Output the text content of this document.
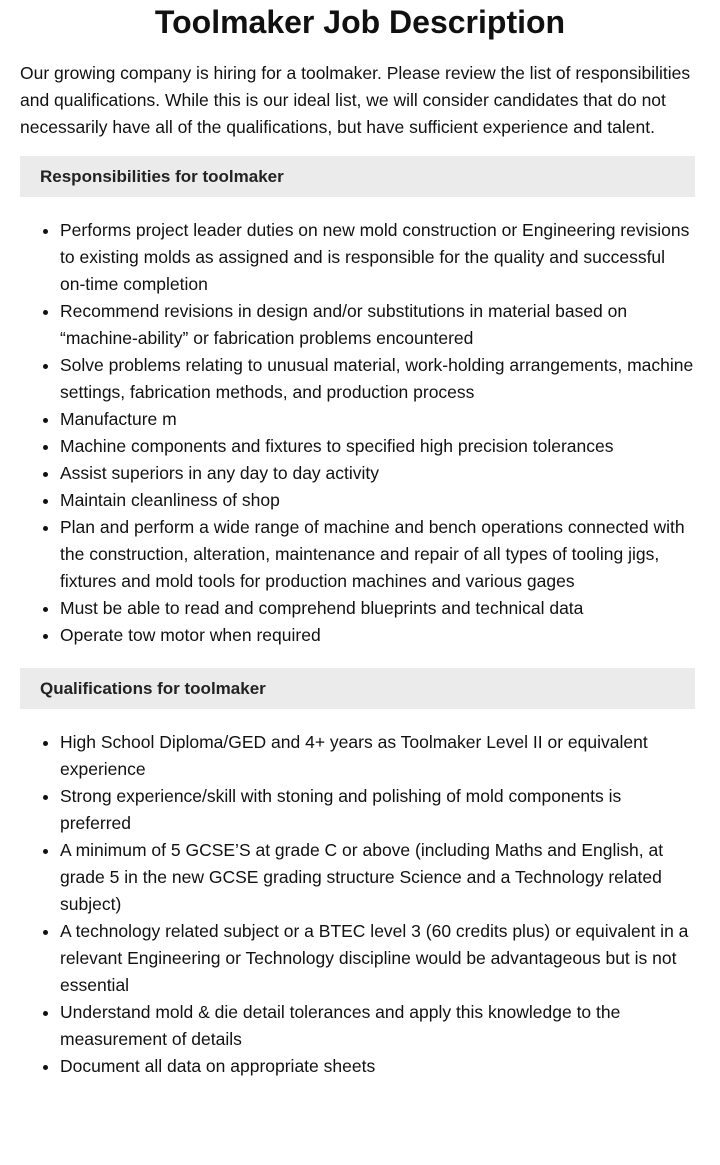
Toolmaker Job Description

Our growing company is hiring for a toolmaker. Please review the list of responsibilities and qualifications. While this is our ideal list, we will consider candidates that do not necessarily have all of the qualifications, but have sufficient experience and talent.

Responsibilities for toolmaker
• Performs project leader duties on new mold construction or Engineering revisions to existing molds as assigned and is responsible for the quality and successful on-time completion
• Recommend revisions in design and/or substitutions in material based on “machine-ability” or fabrication problems encountered
• Solve problems relating to unusual material, work-holding arrangements, machine settings, fabrication methods, and production process
• Manufacture m
• Machine components and fixtures to specified high precision tolerances
• Assist superiors in any day to day activity
• Maintain cleanliness of shop
• Plan and perform a wide range of machine and bench operations connected with the construction, alteration, maintenance and repair of all types of tooling jigs, fixtures and mold tools for production machines and various gages
• Must be able to read and comprehend blueprints and technical data
• Operate tow motor when required
Qualifications for toolmaker
• High School Diploma/GED and 4+ years as Toolmaker Level II or equivalent experience
• Strong experience/skill with stoning and polishing of mold components is preferred
• A minimum of 5 GCSE’S at grade C or above (including Maths and English, at grade 5 in the new GCSE grading structure Science and a Technology related subject)
• A technology related subject or a BTEC level 3 (60 credits plus) or equivalent in a relevant Engineering or Technology discipline would be advantageous but is not essential
• Understand mold & die detail tolerances and apply this knowledge to the measurement of details
• Document all data on appropriate sheets
